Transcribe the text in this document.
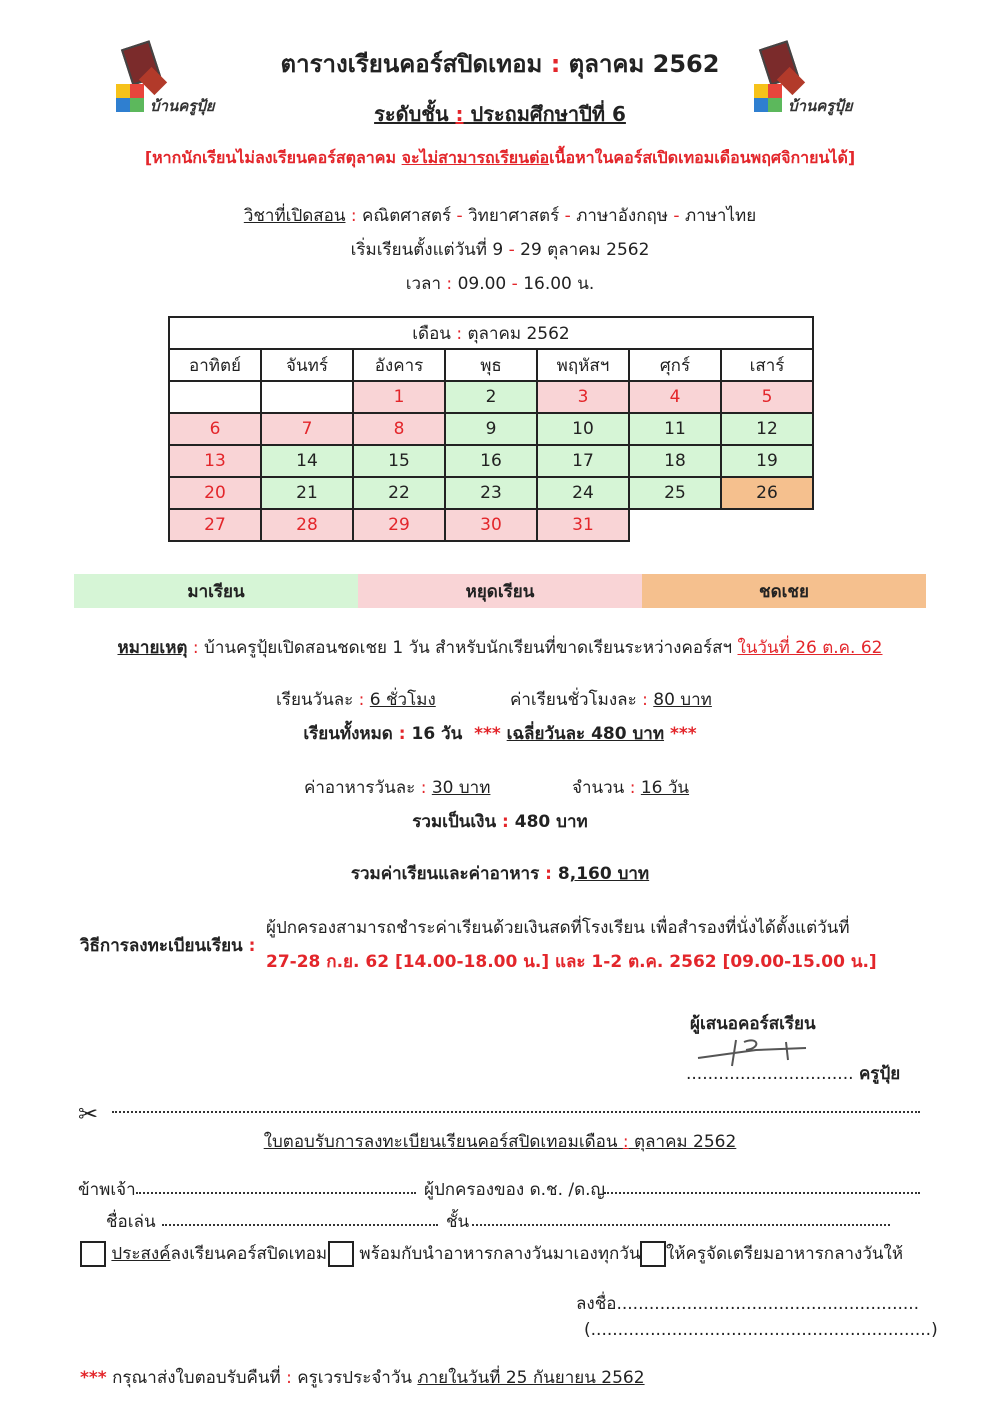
บ้านครูปุ้ย	บ้านครูปุ้ย
ตารางเรียนคอร์สปิดเทอม : ตุลาคม 2562
ระดับชั้น : ประถมศึกษาปีที่ 6
[หากนักเรียนไม่ลงเรียนคอร์สตุลาคม จะไม่สามารถเรียนต่อเนื้อหาในคอร์สเปิดเทอมเดือนพฤศจิกายนได้]
วิชาที่เปิดสอน : คณิตศาสตร์ - วิทยาศาสตร์ - ภาษาอังกฤษ - ภาษาไทย
เริ่มเรียนตั้งแต่วันที่ 9 - 29 ตุลาคม 2562
เวลา : 09.00 - 16.00 น.
เดือน : ตุลาคม 2562						
อาทิตย์	จันทร์	อังคาร	พุธ	พฤหัสฯ	ศุกร์	เสาร์
		1	2	3	4	5
6	7	8	9	10	11	12
13	14	15	16	17	18	19
20	21	22	23	24	25	26
27	28	29	30	31		
มาเรียน	หยุดเรียน	ชดเชย
หมายเหตุ : บ้านครูปุ้ยเปิดสอนชดเชย 1 วัน สำหรับนักเรียนที่ขาดเรียนระหว่างคอร์สฯ ในวันที่ 26 ต.ค. 62
เรียนวันละ : 6 ชั่วโมง	ค่าเรียนชั่วโมงละ : 80 บาท
เรียนทั้งหมด : 16 วัน *** เฉลี่ยวันละ 480 บาท ***
ค่าอาหารวันละ : 30 บาท	จำนวน : 16 วัน
รวมเป็นเงิน : 480 บาท
รวมค่าเรียนและค่าอาหาร : 8,160 บาท
วิธีการลงทะเบียนเรียน :
ผู้ปกครองสามารถชำระค่าเรียนด้วยเงินสดที่โรงเรียน เพื่อสำรองที่นั่งได้ตั้งแต่วันที่
27-28 ก.ย. 62 [14.00-18.00 น.] และ 1-2 ต.ค. 2562 [09.00-15.00 น.]
ผู้เสนอคอร์สเรียน
............................... ครูปุ้ย
✂
ใบตอบรับการลงทะเบียนเรียนคอร์สปิดเทอมเดือน : ตุลาคม 2562
ข้าพเจ้า	ผู้ปกครองของ ด.ช. /ด.ญ
ชื่อเล่น	ชั้น
ประสงค์ลงเรียนคอร์สปิดเทอม	พร้อมกับนำอาหารกลางวันมาเองทุกวัน	ให้ครูจัดเตรียมอาหารกลางวันให้
ลงชื่อ........................................................
(...............................................................)
*** กรุณาส่งใบตอบรับคืนที่ : ครูเวรประจำวัน ภายในวันที่ 25 กันยายน 2562
